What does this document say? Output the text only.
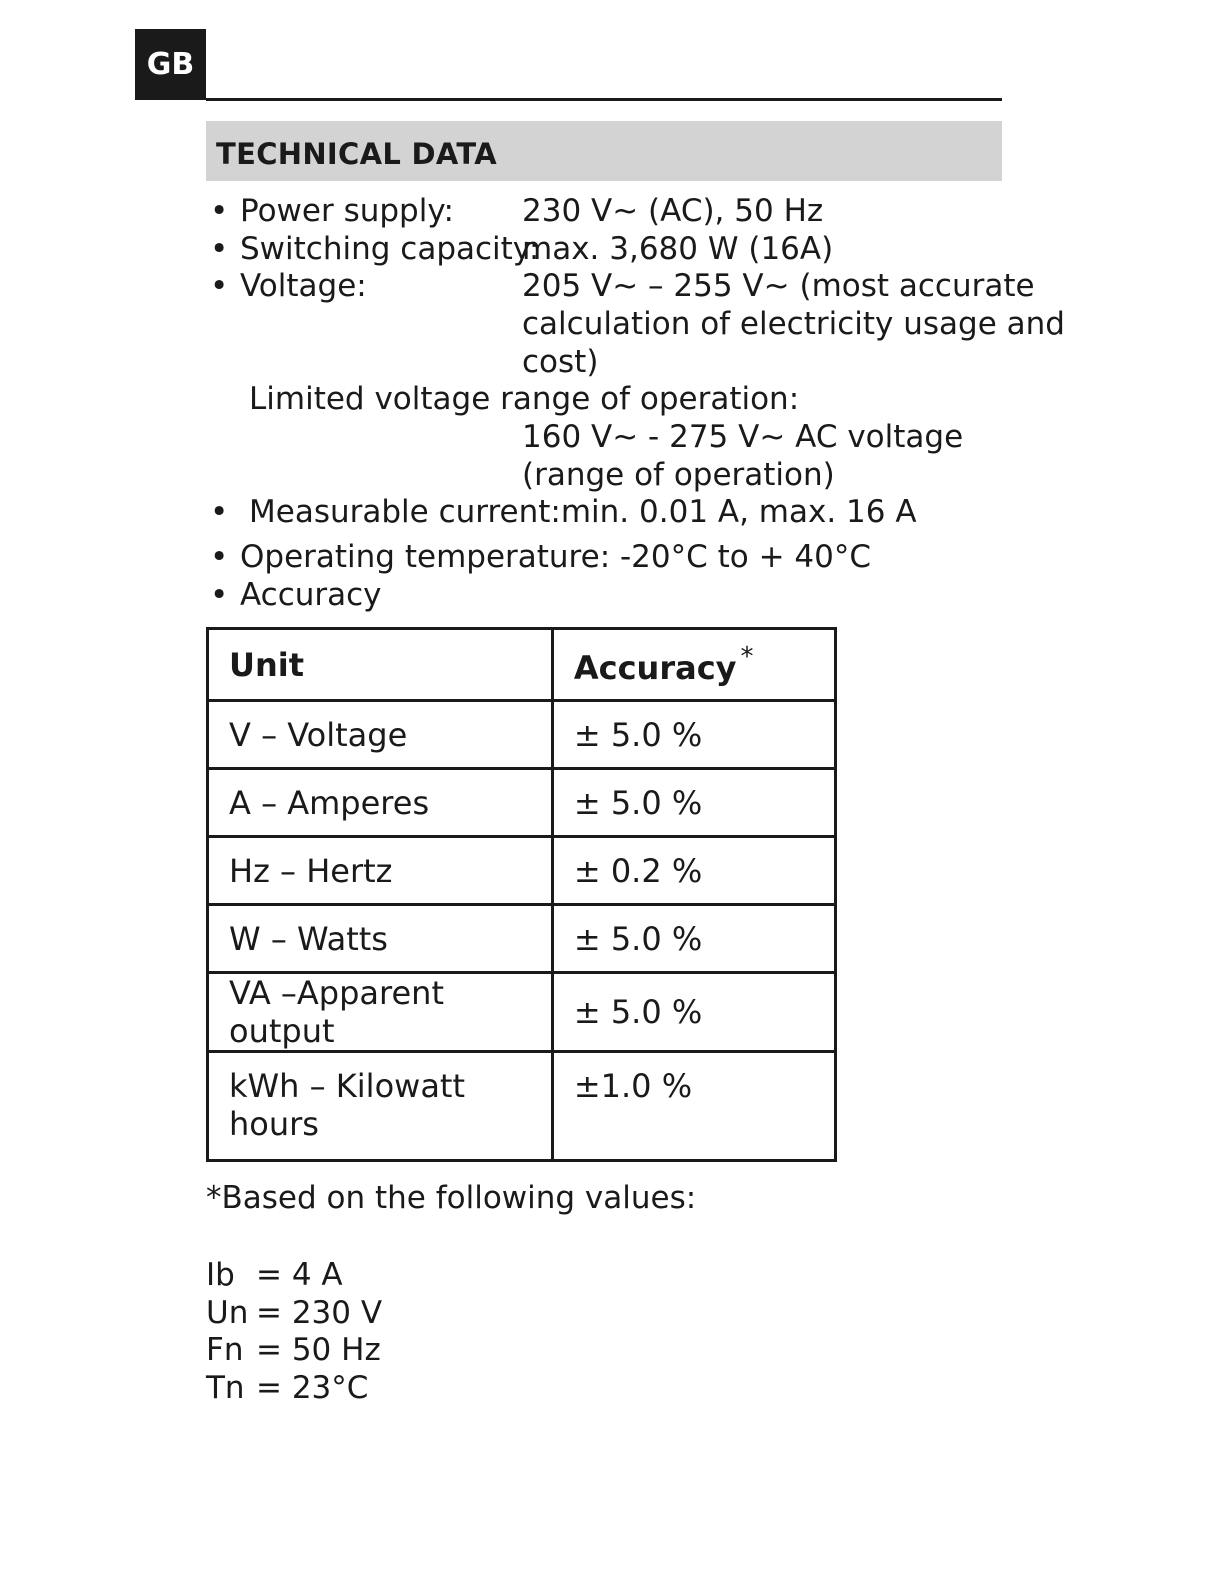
GB
TECHNICAL DATA
• Power supply: 230 V~ (AC), 50 Hz
• Switching capacity:
max. 3,680 W (16A)
• Voltage:	205 V~ – 255 V~ (most accurate
calculation of electricity usage and
cost)
Limited voltage range of operation:
160 V~ - 275 V~ AC voltage
(range of operation)
• Measurable current:min. 0.01 A, max. 16 A
• Operating temperature: -20°C to + 40°C
• Accuracy
Unit	Accuracy *
V – Voltage	± 5.0 %
A – Amperes	± 5.0 %
Hz – Hertz	± 0.2 %
W – Watts	± 5.0 %
VA –Apparent output	± 5.0 %

kWh – Kilowatt
hours	±1.0 %
*Based on the following values:
Ib = 4 A
Un = 230 V
Fn = 50 Hz
Tn = 23°C
